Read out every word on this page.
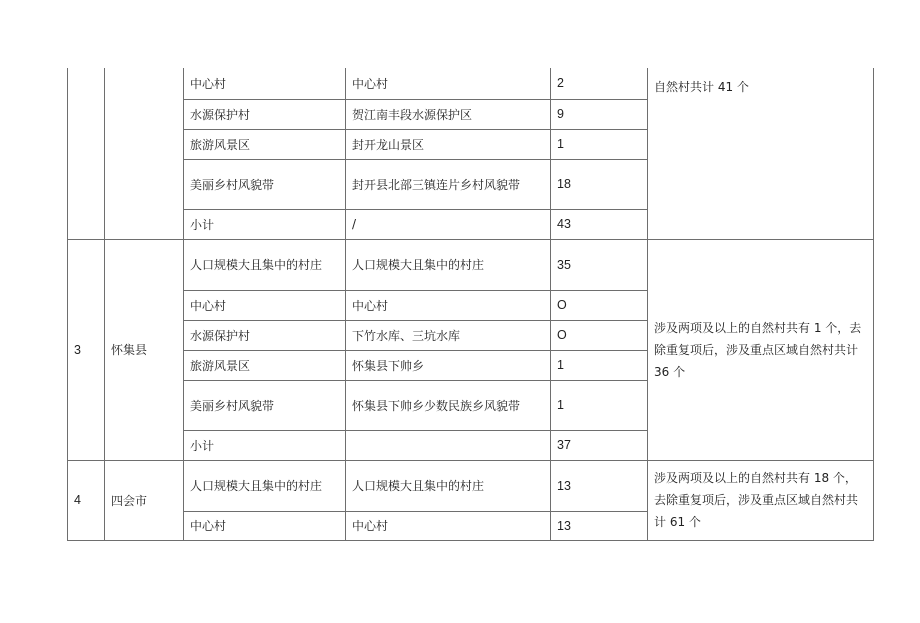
		中心村	中心村	2	自然村共计 41 个
		水源保护村	贺江南丰段水源保护区	9	
		旅游风景区	封开龙山景区	1	
		美丽乡村风貌带	封开县北部三镇连片乡村风貌带	18	
		小计	/	43	
3	怀集县	人口规模大且集中的村庄	人口规模大且集中的村庄	35	涉及两项及以上的自然村共有 1 个，去除重复项后，涉及重点区域自然村共计 36 个
		中心村	中心村	O	
		水源保护村	下竹水库、三坑水库	O	
		旅游风景区	怀集县下帅乡	1	
		美丽乡村风貌带	怀集县下帅乡少数民族乡风貌带	1	
		小计		37	
4	四会市	人口规模大且集中的村庄	人口规模大且集中的村庄	13	涉及两项及以上的自然村共有 18 个，去除重复项后，涉及重点区域自然村共计 61 个
		中心村	中心村	13	
